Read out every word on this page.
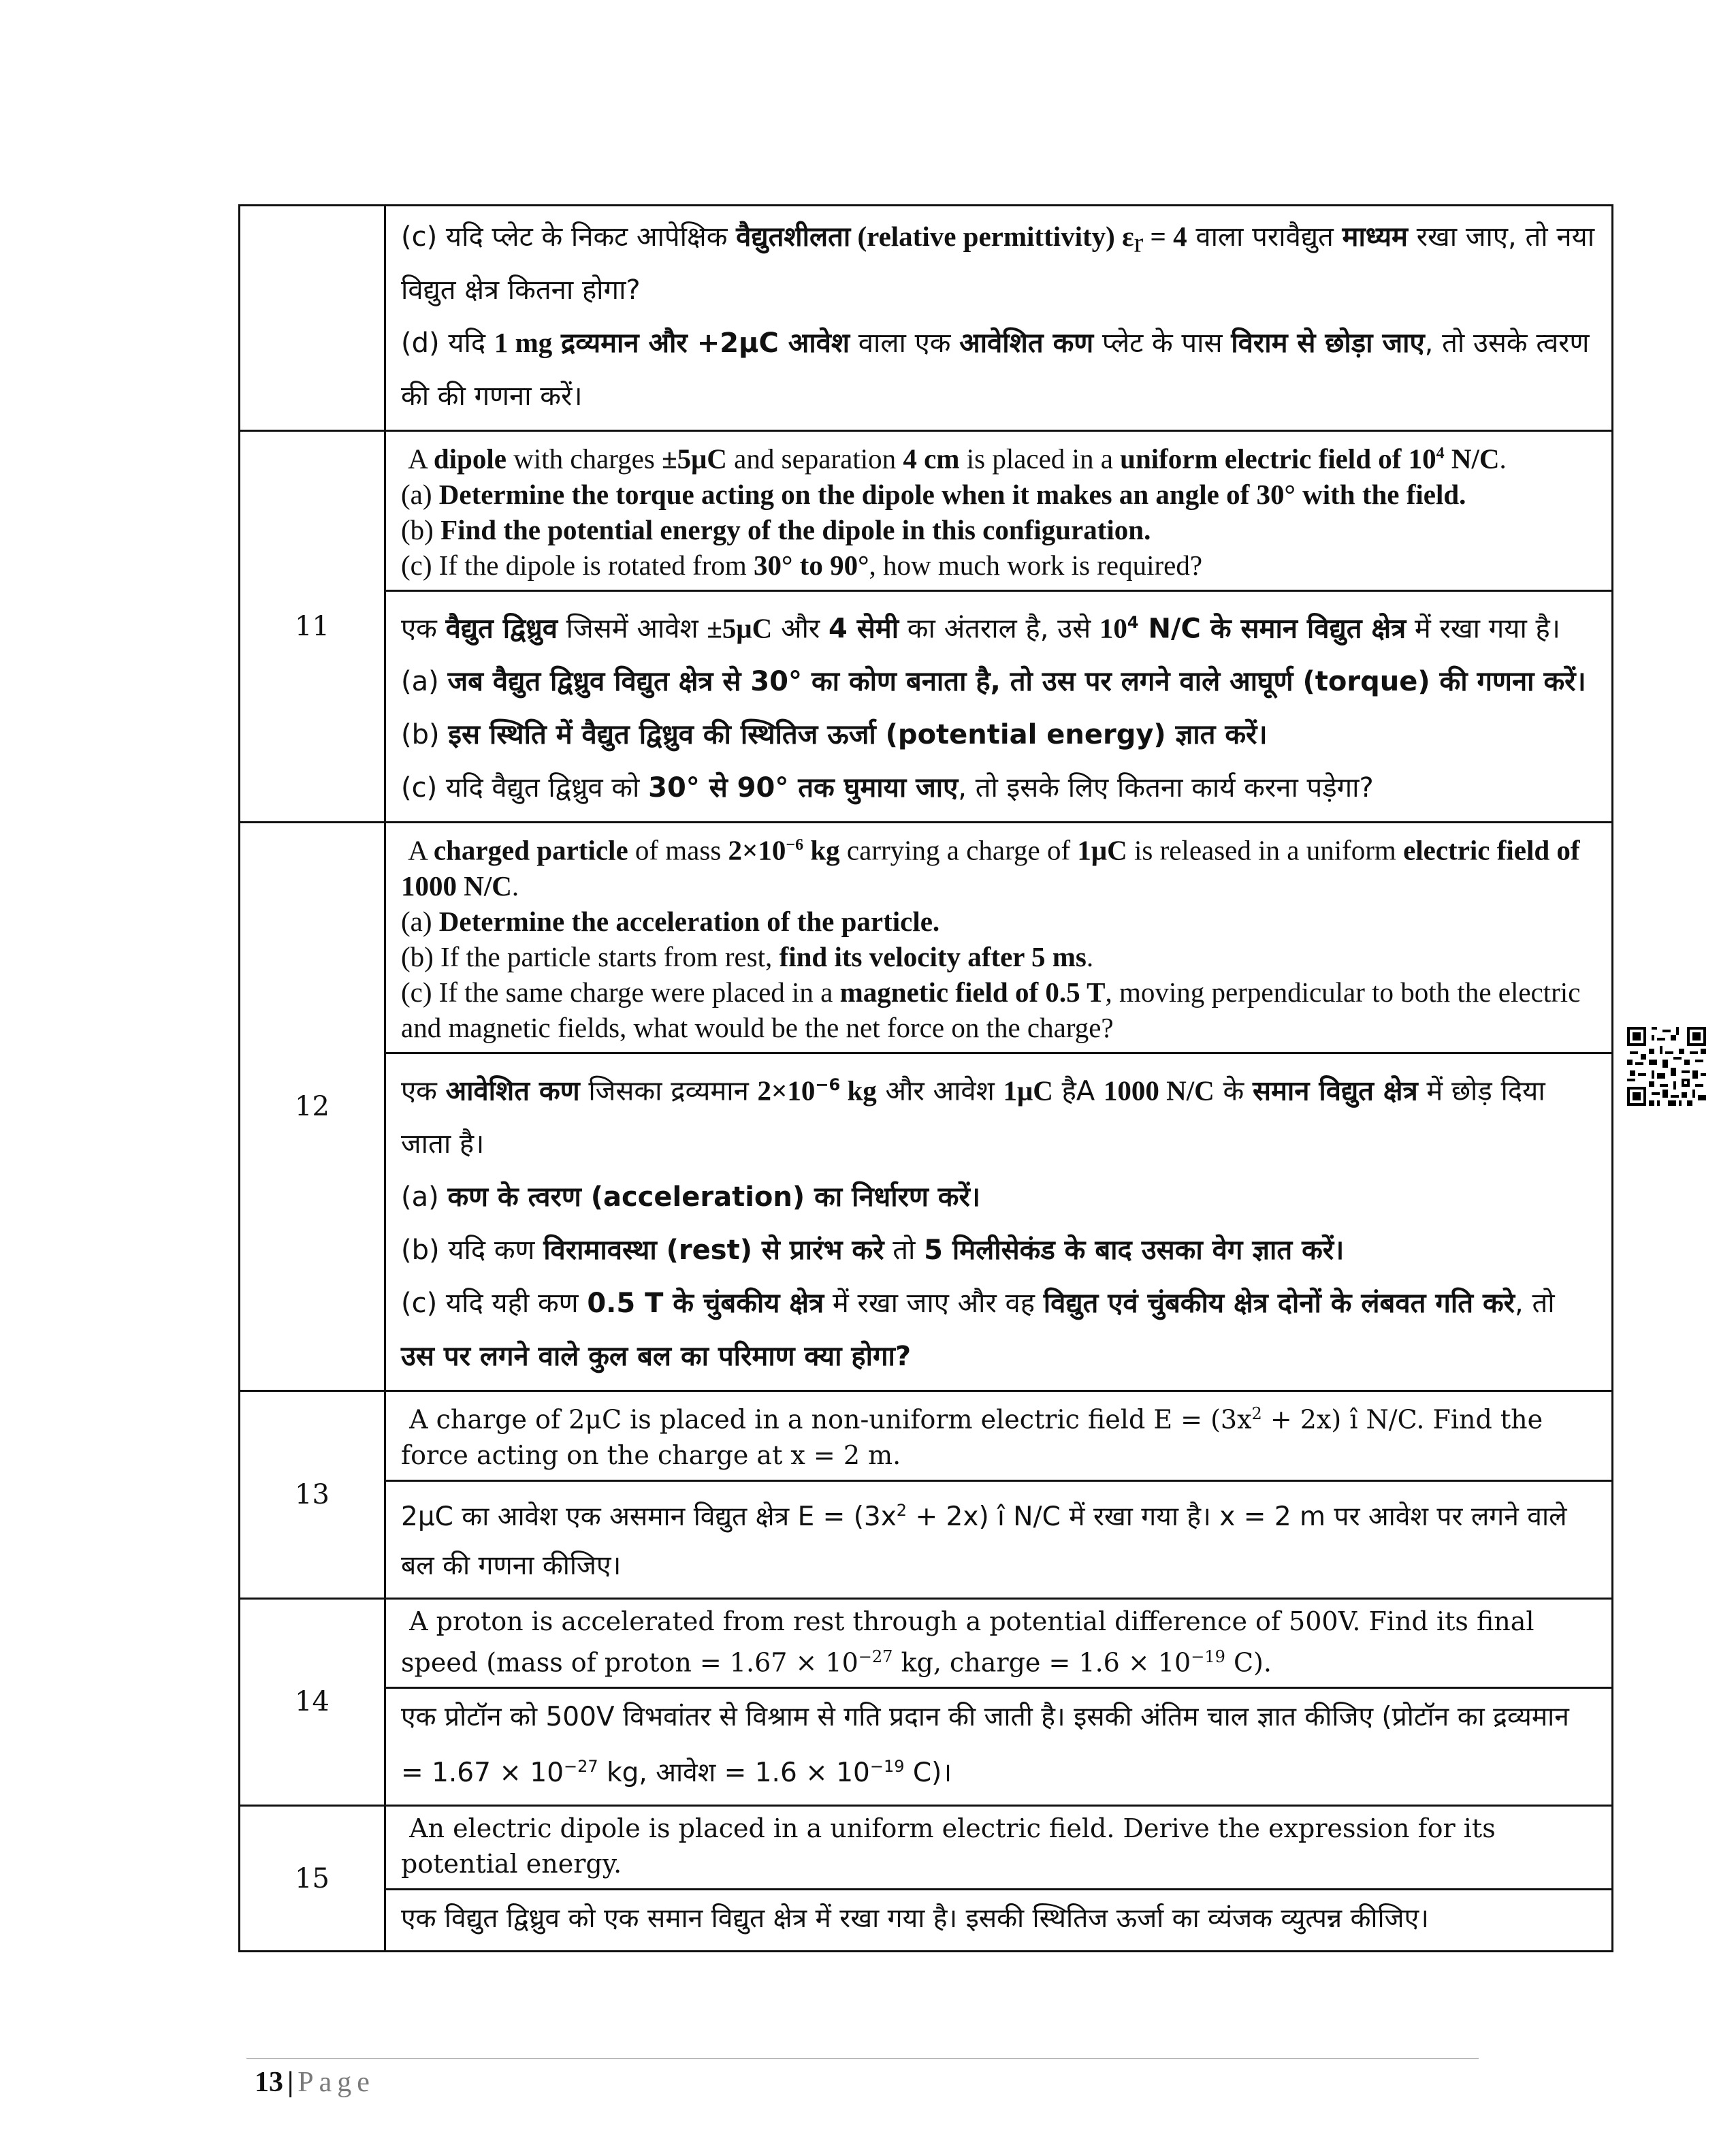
	(c) यदि प्लेट के निकट आपेक्षिक वैद्युतशीलता (relative permittivity) $\varepsilon_r = 4$ वाला परावैद्युत माध्यम रखा जाए, तो नया विद्युत क्षेत्र कितना होगा?
(d) यदि 1 mg द्रव्यमान और +2μC आवेश वाला एक आवेशित कण प्लेट के पास विराम से छोड़ा जाए, तो उसके त्वरण की की गणना करें।

11	A dipole with charges ±5μC and separation 4 cm is placed in a uniform electric field of $10^4$ N/C.
(a) Determine the torque acting on the dipole when it makes an angle of 30° with the field.
(b) Find the potential energy of the dipole in this configuration.
(c) If the dipole is rotated from 30° to 90°, how much work is required?

	एक वैद्युत द्विध्रुव जिसमें आवेश ±5μC और 4 सेमी का अंतराल है, उसे $10^4$ N/C के समान विद्युत क्षेत्र में रखा गया है।
(a) जब वैद्युत द्विध्रुव विद्युत क्षेत्र से 30° का कोण बनाता है, तो उस पर लगने वाले आघूर्ण (torque) की गणना करें।
(b) इस स्थिति में वैद्युत द्विध्रुव की स्थितिज ऊर्जा (potential energy) ज्ञात करें।
(c) यदि वैद्युत द्विध्रुव को 30° से 90° तक घुमाया जाए, तो इसके लिए कितना कार्य करना पड़ेगा?

12	A charged particle of mass $2\times 10^{-6}$ kg carrying a charge of 1μC is released in a uniform electric field of 1000 N/C.
(a) Determine the acceleration of the particle.
(b) If the particle starts from rest, find its velocity after 5 ms.
(c) If the same charge were placed in a magnetic field of 0.5 T, moving perpendicular to both the electric and magnetic fields, what would be the net force on the charge?

	एक आवेशित कण जिसका द्रव्यमान $2\times 10^{-6}$ kg और आवेश 1μC हैA 1000 N/C के समान विद्युत क्षेत्र में छोड़ दिया जाता है।
(a) कण के त्वरण (acceleration) का निर्धारण करें।
(b) यदि कण विरामावस्था (rest) से प्रारंभ करे तो 5 मिलीसेकंड के बाद उसका वेग ज्ञात करें।
(c) यदि यही कण 0.5 T के चुंबकीय क्षेत्र में रखा जाए और वह विद्युत एवं चुंबकीय क्षेत्र दोनों के लंबवत गति करे, तो उस पर लगने वाले कुल बल का परिमाण क्या होगा?

13	A charge of 2μC is placed in a non-uniform electric field $E = (3x^2 + 2x)$ î N/C. Find the force acting on the charge at x = 2 m.

	2μC का आवेश एक असमान विद्युत क्षेत्र $E = (3x^2 + 2x)$ î N/C में रखा गया है। x = 2 m पर आवेश पर लगने वाले बल की गणना कीजिए।

14	A proton is accelerated from rest through a potential difference of 500V. Find its final speed (mass of proton = $1.67 \times 10^{-27}$ kg, charge = $1.6 \times 10^{-19}$ C).

	एक प्रोटॉन को 500V विभवांतर से विश्राम से गति प्रदान की जाती है। इसकी अंतिम चाल ज्ञात कीजिए (प्रोटॉन का द्रव्यमान = $1.67 \times 10^{-27}$ kg, आवेश = $1.6 \times 10^{-19}$ C)।

15	An electric dipole is placed in a uniform electric field. Derive the expression for its potential energy.

	एक विद्युत द्विध्रुव को एक समान विद्युत क्षेत्र में रखा गया है। इसकी स्थितिज ऊर्जा का व्यंजक व्युत्पन्न कीजिए।
13 | Page
